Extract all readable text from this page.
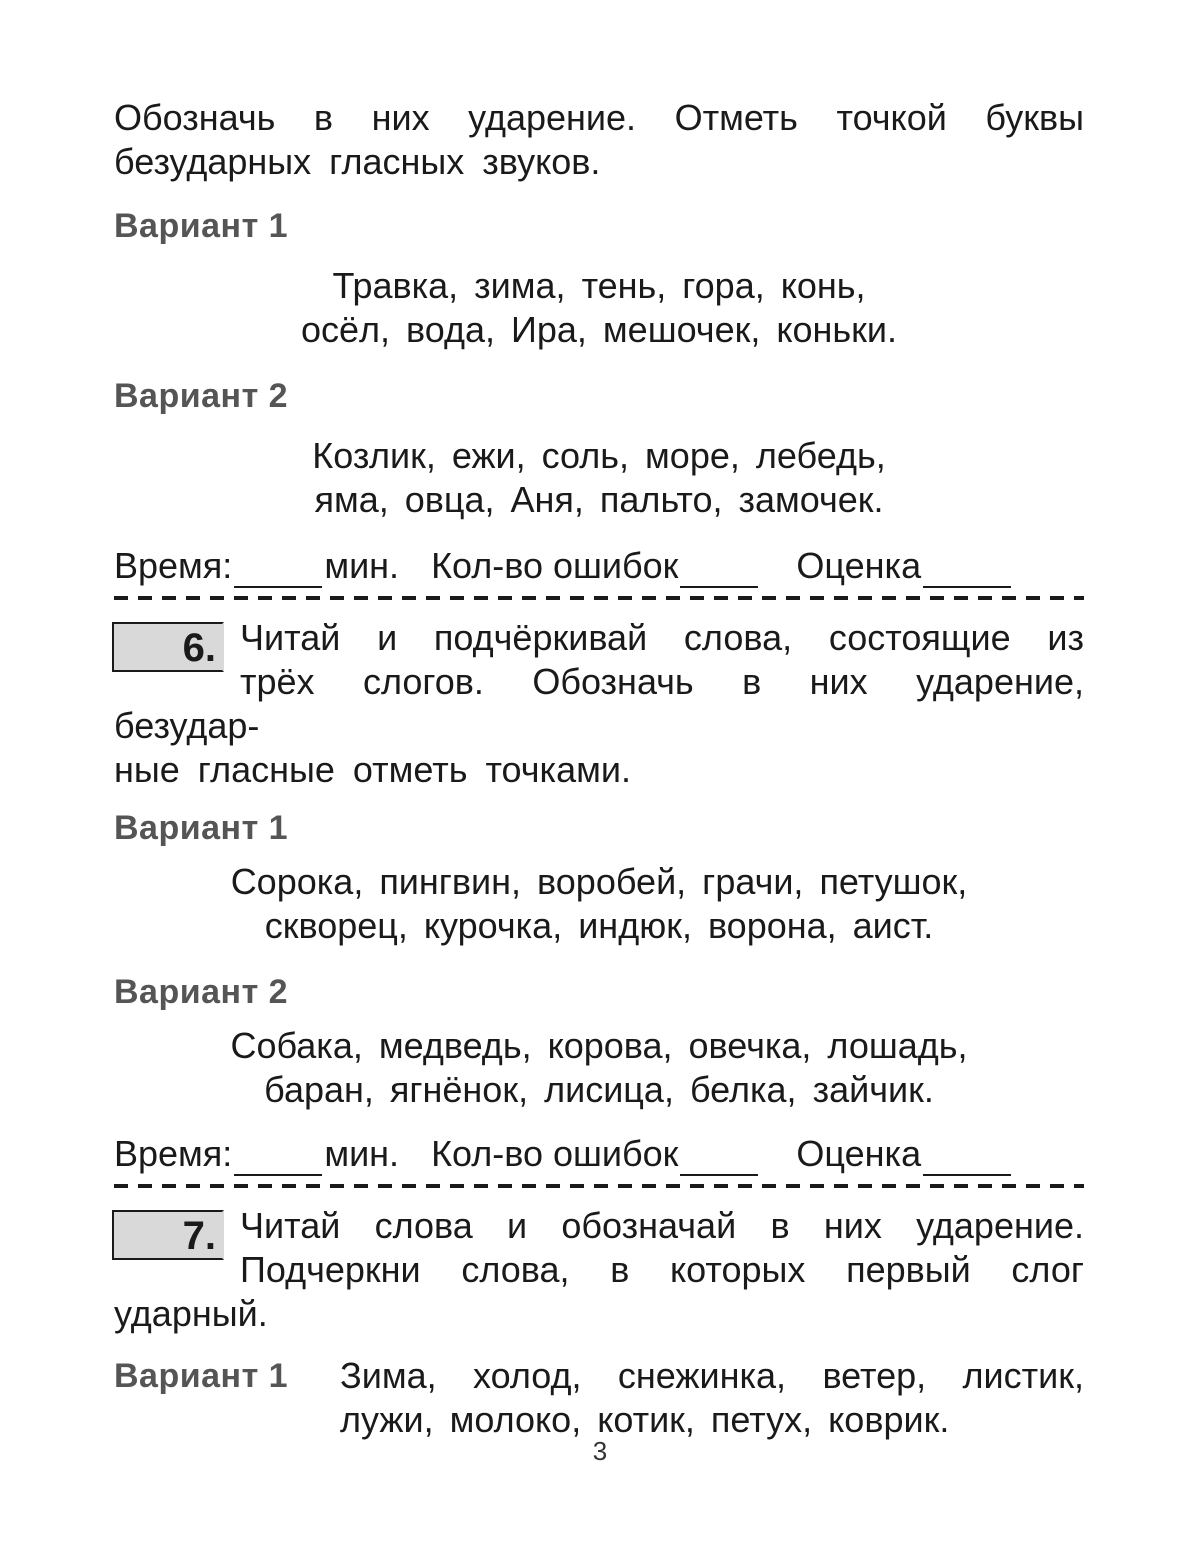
Обозначь в них ударение. Отметь точкой буквы

безударных гласных звуков.

Вариант 1
Травка, зима, тень, гора, конь,
осёл, вода, Ира, мешочек, коньки.
Вариант 2
Козлик, ежи, соль, море, лебедь,
яма, овца, Аня, пальто, замочек.
Время:	мин. Кол-во ошибок	Оценка
6. Читай и подчёркивай слова, состоящие из

трёх слогов. Обозначь в них ударение, безудар-

ные гласные отметь точками.

Вариант 1
Сорока, пингвин, воробей, грачи, петушок,
скворец, курочка, индюк, ворона, аист.
Вариант 2
Собака, медведь, корова, овечка, лошадь,
баран, ягнёнок, лисица, белка, зайчик.
Время:	мин. Кол-во ошибок	Оценка
7. Читай слова и обозначай в них ударение.

Подчеркни слова, в которых первый слог ударный.

Вариант 1	Зима, холод, снежинка, ветер, листик,
лужи, молоко, котик, петух, коврик.
3
